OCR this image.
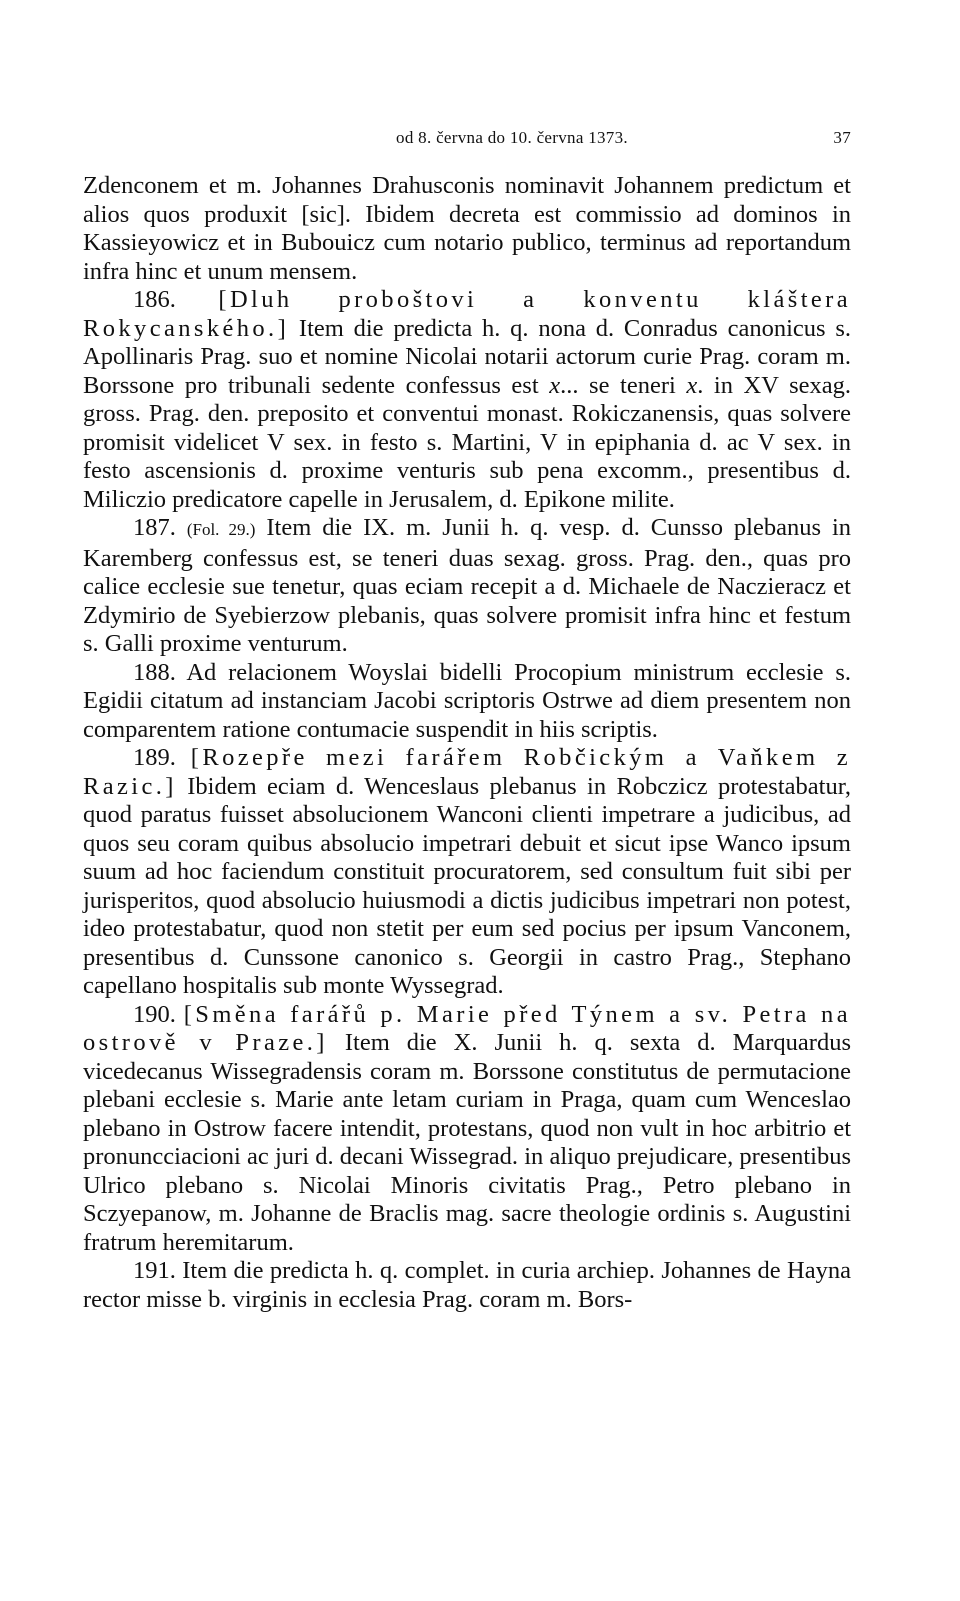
od 8. června do 10. června 1373.	37

Zdenconem et m. Johannes Drahusconis nominavit Johannem predictum et alios quos produxit [sic]. Ibidem decreta est commissio ad dominos in Kassieyowicz et in Bubouicz cum notario publico, terminus ad reportandum infra hinc et unum mensem.

186. [Dluh proboštovi a konventu kláštera Rokycanského.] Item die predicta h. q. nona d. Conradus canonicus s. Apollinaris Prag. suo et nomine Nicolai notarii actorum curie Prag. coram m. Borssone pro tribunali sedente confessus est x... se teneri x. in XV sexag. gross. Prag. den. preposito et conventui monast. Rokiczanensis, quas solvere promisit videlicet V sex. in festo s. Martini, V in epiphania d. ac V sex. in festo ascensionis d. proxime venturis sub pena excomm., presentibus d. Miliczio predicatore capelle in Jerusalem, d. Epikone milite.

187. (Fol. 29.) Item die IX. m. Junii h. q. vesp. d. Cunsso plebanus in Karemberg confessus est, se teneri duas sexag. gross. Prag. den., quas pro calice ecclesie sue tenetur, quas eciam recepit a d. Michaele de Naczieracz et Zdymirio de Syebierzow plebanis, quas solvere promisit infra hinc et festum s. Galli proxime venturum.

188. Ad relacionem Woyslai bidelli Procopium ministrum ecclesie s. Egidii citatum ad instanciam Jacobi scriptoris Ostrwe ad diem presentem non comparentem ratione contumacie suspendit in hiis scriptis.

189. [Rozepře mezi farářem Robčickým a Vaňkem z Razic.] Ibidem eciam d. Wenceslaus plebanus in Robczicz protestabatur, quod paratus fuisset absolucionem Wanconi clienti impetrare a judicibus, ad quos seu coram quibus absolucio impetrari debuit et sicut ipse Wanco ipsum suum ad hoc faciendum constituit procuratorem, sed consultum fuit sibi per jurisperitos, quod absolucio huiusmodi a dictis judicibus impetrari non potest, ideo protestabatur, quod non stetit per eum sed pocius per ipsum Vanconem, presentibus d. Cunssone canonico s. Georgii in castro Prag., Stephano capellano hospitalis sub monte Wyssegrad.

190. [Směna farářů p. Marie před Týnem a sv. Petra na ostrově v Praze.] Item die X. Junii h. q. sexta d. Marquardus vicedecanus Wissegradensis coram m. Borssone constitutus de permutacione plebani ecclesie s. Marie ante letam curiam in Praga, quam cum Wenceslao plebano in Ostrow facere intendit, protestans, quod non vult in hoc arbitrio et pronuncciacioni ac juri d. decani Wissegrad. in aliquo prejudicare, presentibus Ulrico plebano s. Nicolai Minoris civitatis Prag., Petro plebano in Sczyepanow, m. Johanne de Braclis mag. sacre theologie ordinis s. Augustini fratrum heremitarum.

191. Item die predicta h. q. complet. in curia archiep. Johannes de Hayna rector misse b. virginis in ecclesia Prag. coram m. Bors-
